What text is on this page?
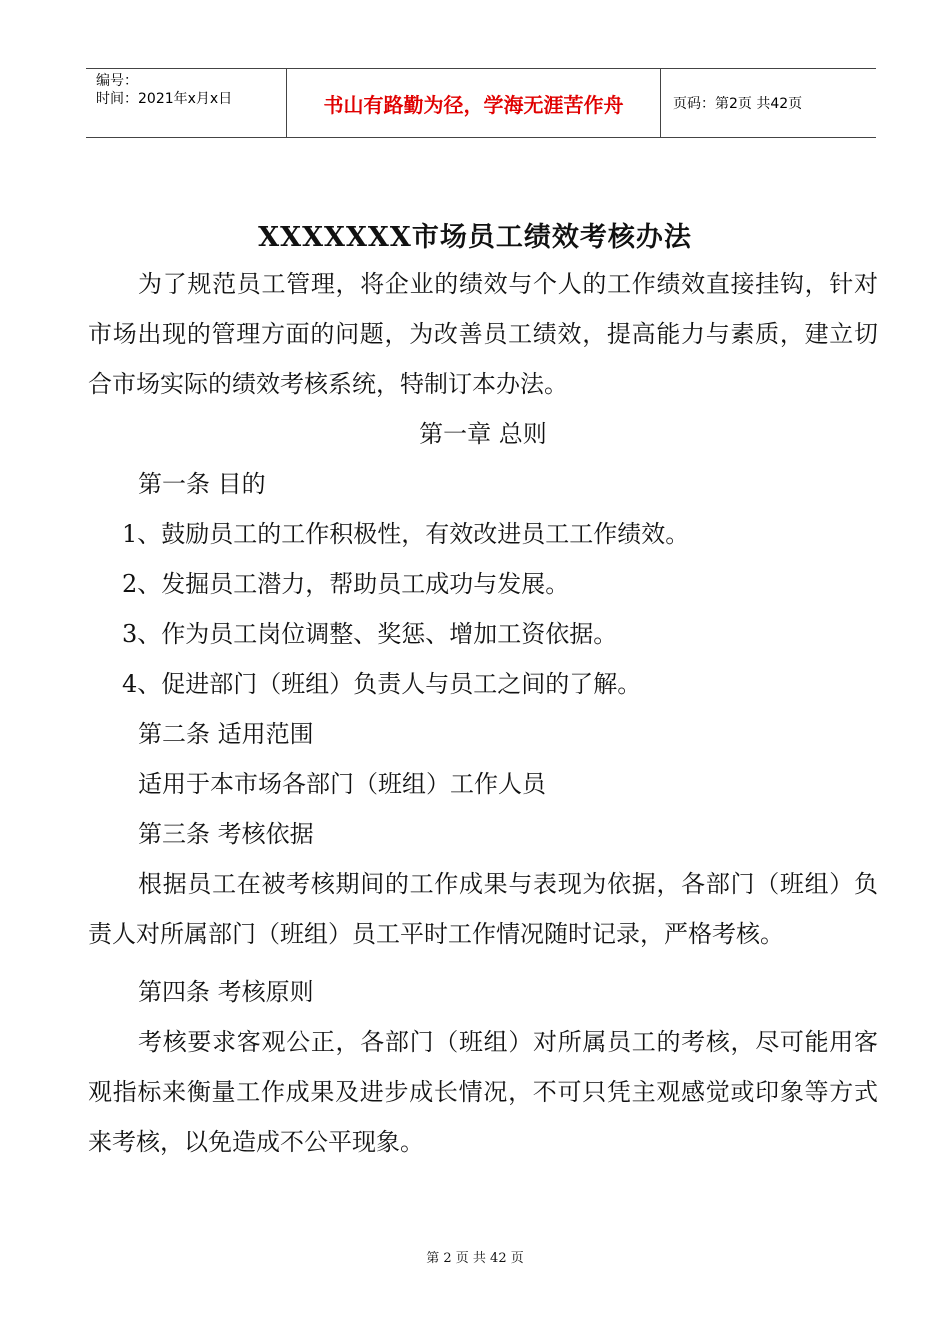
编号：
时间：2021年x月x日	书山有路勤为径，学海无涯苦作舟	页码：第2页 共42页
XXXXXXX市场员工绩效考核办法

为了规范员工管理，将企业的绩效与个人的工作绩效直接挂钩，针对市场出现的管理方面的问题，为改善员工绩效，提高能力与素质，建立切合市场实际的绩效考核系统，特制订本办法。

第一章 总则

第一条 目的

1、鼓励员工的工作积极性，有效改进员工工作绩效。

2、发掘员工潜力，帮助员工成功与发展。

3、作为员工岗位调整、奖惩、增加工资依据。

4、促进部门（班组）负责人与员工之间的了解。

第二条 适用范围

适用于本市场各部门（班组）工作人员

第三条 考核依据

根据员工在被考核期间的工作成果与表现为依据，各部门（班组）负责人对所属部门（班组）员工平时工作情况随时记录，严格考核。

第四条 考核原则

考核要求客观公正，各部门（班组）对所属员工的考核，尽可能用客观指标来衡量工作成果及进步成长情况，不可只凭主观感觉或印象等方式来考核，以免造成不公平现象。

第 2 页 共 42 页
